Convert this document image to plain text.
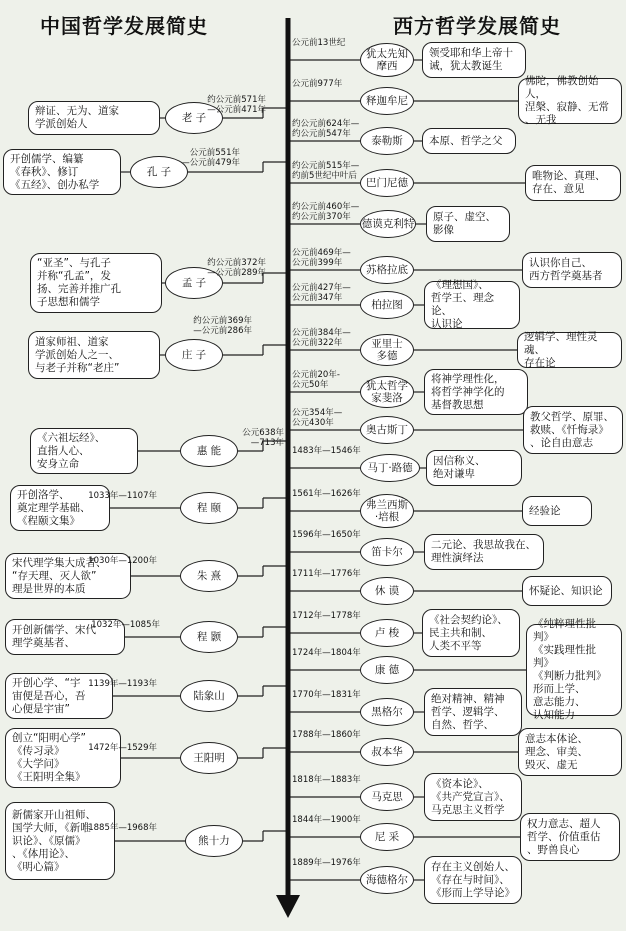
中国哲学发展简史	西方哲学发展简史
老 子
辩证、无为、道家
学派创始人
约公元前571年
—公元前471年
孔 子
开创儒学、编纂
《春秋》、修订
《五经》、创办私学
公元前551年
—公元前479年
孟 子
“亚圣”、与孔子
并称“孔孟”，发
扬、完善并推广孔
子思想和儒学
约公元前372年
—公元前289年
庄 子
道家师祖、道家
学派创始人之一、
与老子并称“老庄”
约公元前369年
—公元前286年
惠 能
《六祖坛经》、
直指人心、
安身立命
公元638年
—713年
程 颐
开创洛学、
奠定理学基础、
《程颐文集》
1033年—1107年
朱 熹
宋代理学集大成者、
“存天理、灭人欲”
理是世界的本质
1030年—1200年
程 颢
开创新儒学、宋代
理学奠基者、
1032年—1085年
陆象山
开创心学、“宇
宙便是吾心，吾
心便是宇宙”
1139年—1193年
王阳明
创立“阳明心学”
《传习录》
《大学问》
《王阳明全集》
1472年—1529年
熊十力
新儒家开山祖师、
国学大师，《新唯
识论》、《原儒》
、《体用论》、
《明心篇》
1885年—1968年
犹太先知
摩西
领受耶和华上帝十
诫，犹太教诞生
公元前13世纪
释迦牟尼
佛陀，佛教创始人，
涅槃、寂静、无常
、无我
公元前977年
泰勒斯	本原、哲学之父
约公元前624年—
约公元前547年
巴门尼德
唯物论、真理、
存在、意见
约公元前515年—
约前5世纪中叶后
德谟克利特
原子、虚空、
影像
约公元前460年—
约公元前370年
苏格拉底
认识你自己、
西方哲学奠基者
公元前469年—
公元前399年
柏拉图
《理想国》、
哲学王、理念论、
认识论
公元前427年—
公元前347年
亚里士
多德
逻辑学、理性灵魂、
存在论
公元前384年—
公元前322年
犹太哲学
家斐洛
将神学理性化，
将哲学神学化的
基督教思想
公元前20年-
公元50年
奥古斯丁
教父哲学、原罪、
救赎、《忏悔录》
、论自由意志
公元354年—
公元430年
马丁·路德
因信称义、
绝对谦卑
1483年—1546年
弗兰西斯
·培根
经验论
1561年—1626年
笛卡尔
二元论、我思故我在、
理性演绎法
1596年—1650年
休 谟	怀疑论、知识论
1711年—1776年
卢 梭
《社会契约论》、
民主共和制、
人类不平等
1712年—1778年
康 德
《纯粹理性批判》
《实践理性批判》
《判断力批判》
形而上学、
意志能力、
认知能力
1724年—1804年
黑格尔
绝对精神、精神
哲学、逻辑学、
自然、哲学、
1770年—1831年
叔本华
意志本体论、
理念、审美、
毁灭、虚无
1788年—1860年
马克思
《资本论》、
《共产党宣言》、
马克思主义哲学
1818年—1883年
尼 采
权力意志、超人
哲学、价值重估
、野兽良心
1844年—1900年
海德格尔
存在主义创始人、
《存在与时间》、
《形而上学导论》
1889年—1976年
